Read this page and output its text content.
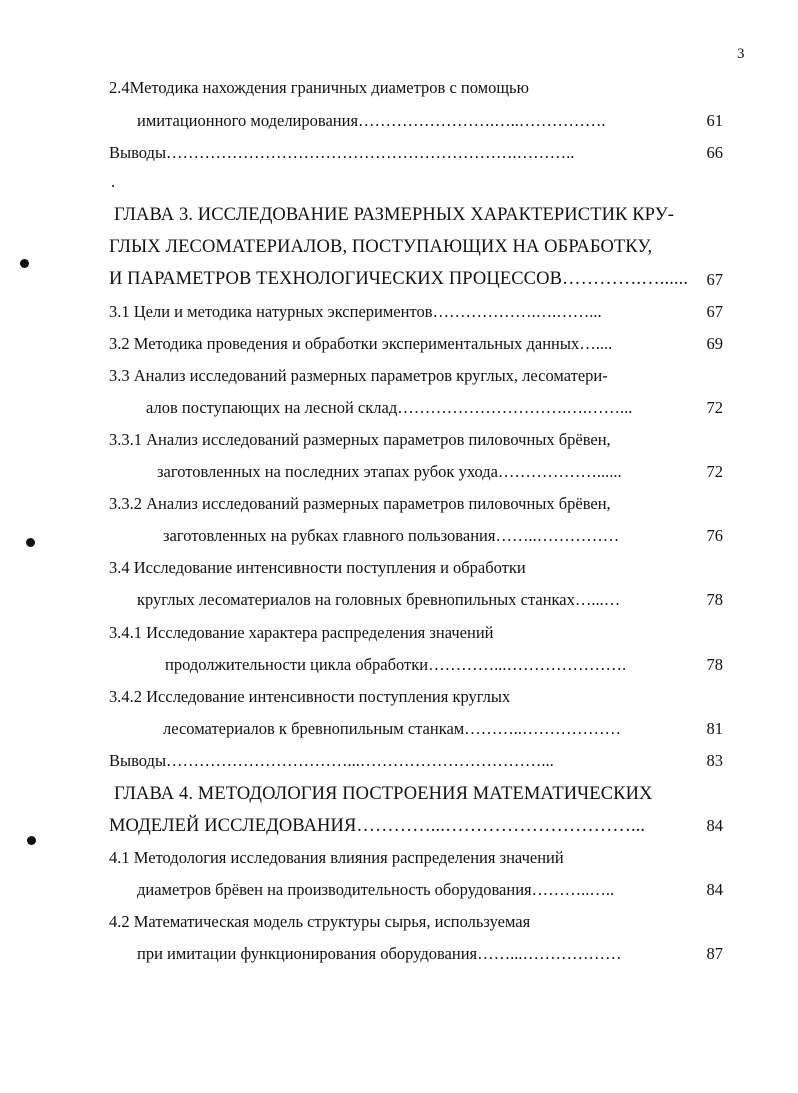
3
2.4Методика нахождения граничных диаметров с помощью
имитационного моделирования…………………….…..…………….	61
Выводы……………………………………………………….………..	66
.
ГЛАВА 3. ИССЛЕДОВАНИЕ РАЗМЕРНЫХ ХАРАКТЕРИСТИК КРУ-
ГЛЫХ ЛЕСОМАТЕРИАЛОВ, ПОСТУПАЮЩИХ НА ОБРАБОТКУ,
И ПАРАМЕТРОВ ТЕХНОЛОГИЧЕСКИХ ПРОЦЕССОВ………….…......	67
3.1 Цели и методика натурных экспериментов……………….….……...	67
3.2 Методика проведения и обработки экспериментальных данных…....	69
3.3 Анализ исследований размерных параметров круглых, лесоматери-
алов поступающих на лесной склад………………………….….……...	72
3.3.1 Анализ исследований размерных параметров пиловочных брёвен,
заготовленных на последних этапах рубок ухода………………......	72
3.3.2 Анализ исследований размерных параметров пиловочных брёвен,
заготовленных на рубках главного пользования……..……………	76
3.4 Исследование интенсивности поступления и обработки
круглых лесоматериалов на головных бревнопильных станках…...…	78
3.4.1 Исследование характера распределения значений
продолжительности цикла обработки…………...………………….	78
3.4.2 Исследование интенсивности поступления круглых
лесоматериалов к бревнопильным станкам………..………………	81
Выводы……………………………...……………………………...	83
ГЛАВА 4. МЕТОДОЛОГИЯ ПОСТРОЕНИЯ МАТЕМАТИЧЕСКИХ
МОДЕЛЕЙ ИССЛЕДОВАНИЯ…………...…………………………...	84
4.1 Методология исследования влияния распределения значений
диаметров брёвен на производительность оборудования………..…..	84
4.2 Математическая модель структуры сырья, используемая
при имитации функционирования оборудования……...………………	87
